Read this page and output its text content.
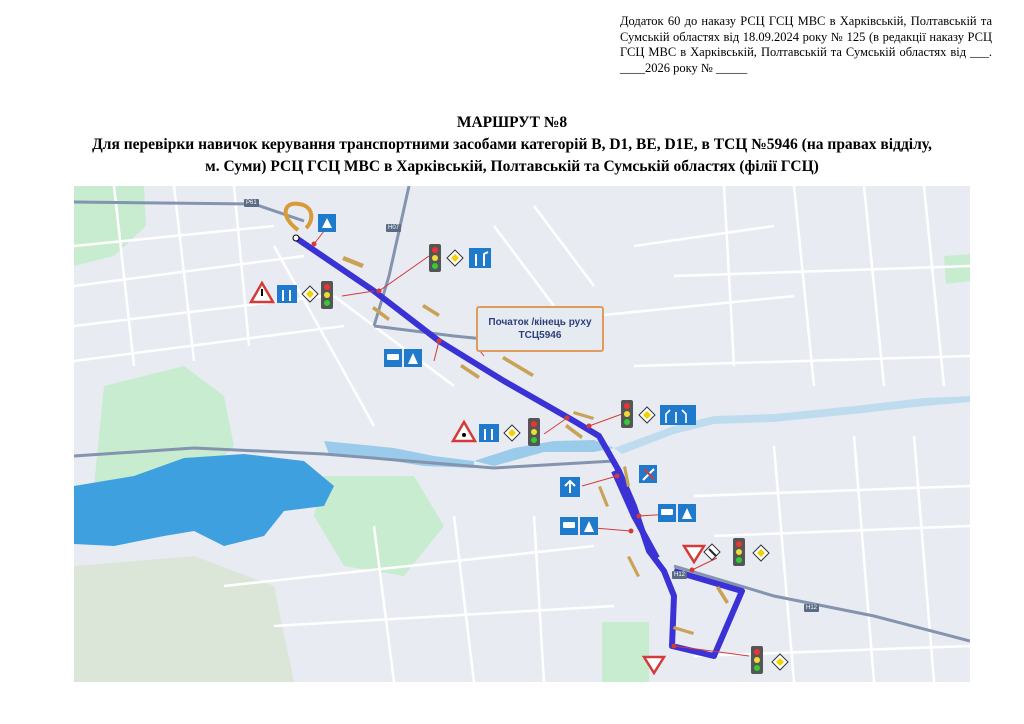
Додаток 60 до наказу РСЦ ГСЦ МВС в Харківській, Полтавській та Сумській областях від 18.09.2024 року № 125 (в редакції наказу РСЦ ГСЦ МВС в Харківській, Полтавській та Сумській областях від ___. ____2026 року № _____

МАРШРУТ №8
Для перевірки навичок керування транспортними засобами категорій B, D1, BE, D1E, в ТСЦ №5946 (на правах відділу,
м. Суми) РСЦ ГСЦ МВС в Харківській, Полтавській та Сумській областях (філії ГСЦ)
Початок /кінець руху ТСЦ5946
P61
H07
H12
H12
